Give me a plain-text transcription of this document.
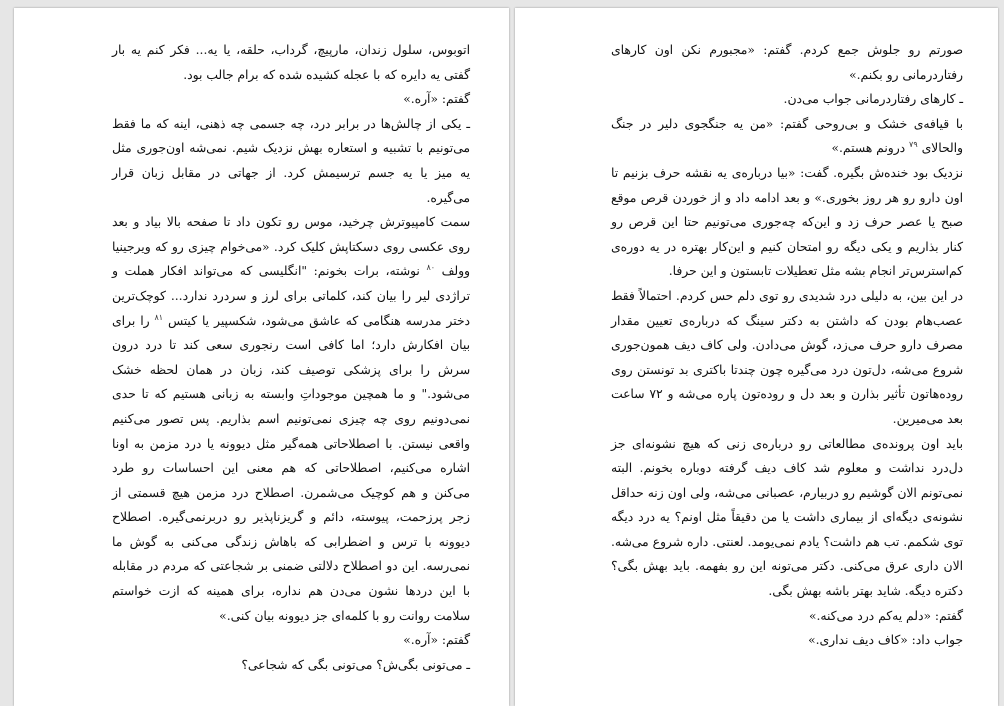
اتوبوس، سلول زندان، مارپیچ، گرداب، حلقه، یا یه... فکر کنم یه بار گفتی یه دایره که با عجله کشیده شده که برام جالب بود.

گفتم: «آره.»

ـ یکی از چالش‌ها در برابر درد، چه جسمی چه ذهنی، اینه که ما فقط می‌تونیم با تشبیه و استعاره بهش نزدیک شیم. نمی‌شه اون‌جوری مثل یه میز یا یه جسم ترسیمش کرد. از جهاتی در مقابل زبان قرار می‌گیره.

سمت کامپیوترش چرخید، موس رو تکون داد تا صفحه بالا بیاد و بعد روی عکسی روی دسکتاپش کلیک کرد. «می‌خوام چیزی رو که ویرجینیا وولف $^{۸۰}$ نوشته، برات بخونم: "انگلیسی که می‌تواند افکار هملت و تراژدی لیر را بیان کند، کلماتی برای لرز و سردرد ندارد... کوچک‌ترین دختر مدرسه هنگامی که عاشق می‌شود، شکسپیر یا کیتس $^{۸۱}$ را برای بیان افکارش دارد؛ اما کافی است رنجوری سعی کند تا درد درون سرش را برای پزشکی توصیف کند، زبان در همان لحظه خشک می‌شود." و ما همچین موجوداتِ وابسته به زبانی هستیم که تا حدی نمی‌دونیم روی چه چیزی نمی‌تونیم اسم بذاریم. پس تصور می‌کنیم واقعی نیستن. با اصطلاحاتی همه‌گیر مثل دیوونه یا درد مزمن به اونا اشاره می‌کنیم، اصطلاحاتی که هم معنی این احساسات رو طرد می‌کنن و هم کوچیک می‌شمرن. اصطلاح درد مزمن هیچ قسمتی از زجر پرزحمت، پیوسته، دائم و گریزناپذیر رو دربرنمی‌گیره. اصطلاح دیوونه با ترس و اضطرابی که باهاش زندگی می‌کنی به گوش ما نمی‌رسه. این دو اصطلاح دلالتی ضمنی بر شجاعتی که مردم در مقابله با این دردها نشون می‌دن هم نداره، برای همینه که ازت خواستم سلامت روانت رو با کلمه‌ای جز دیوونه بیان کنی.»

گفتم: «آره.»

ـ می‌تونی بگی‌ش؟ می‌تونی بگی که شجاعی؟

صورتم رو جلوش جمع کردم. گفتم: «مجبورم نکن اون کارهای رفتاردرمانی رو بکنم.»

ـ کارهای رفتاردرمانی جواب می‌دن.

با قیافه‌ی خشک و بی‌روحی گفتم: «من یه جنگجوی دلیر در جنگ والحالای $^{۷۹}$ درونم هستم.»

نزدیک بود خنده‌ش بگیره. گفت: «بیا درباره‌ی یه نقشه حرف بزنیم تا اون دارو رو هر روز بخوری.» و بعد ادامه داد و از خوردن قرص موقع صبح یا عصر حرف زد و این‌که چه‌جوری می‌تونیم حتا این قرص رو کنار بذاریم و یکی دیگه رو امتحان کنیم و این‌کار بهتره در یه دوره‌ی کم‌استرس‌تر انجام بشه مثل تعطیلات تابستون و این حرفا.

در این بین، به دلیلی درد شدیدی رو توی دلم حس کردم. احتمالاً فقط عصب‌هام بودن که داشتن به دکتر سینگ که درباره‌ی تعیین مقدار مصرف دارو حرف می‌زد، گوش می‌دادن. ولی کاف دیف همون‌جوری شروع می‌شه، دل‌تون درد می‌گیره چون چندتا باکتری بد تونستن روی روده‌هاتون تأثیر بذارن و بعد دل و روده‌تون پاره می‌شه و ۷۲ ساعت بعد می‌میرین.

باید اون پرونده‌ی مطالعاتی رو درباره‌ی زنی که هیچ نشونه‌ای جز دل‌درد نداشت و معلوم شد کاف دیف گرفته دوباره بخونم. البته نمی‌تونم الان گوشیم رو دربیارم، عصبانی می‌شه، ولی اون زنه حداقل نشونه‌ی دیگه‌ای از بیماری داشت یا من دقیقاً مثل اونم؟ یه درد دیگه توی شکمم. تب هم داشت؟ یادم نمی‌یومد. لعنتی. داره شروع می‌شه. الان داری عرق می‌کنی. دکتر می‌تونه این رو بفهمه. باید بهش بگی؟ دکتره دیگه. شاید بهتر باشه بهش بگی.

گفتم: «دلم یه‌کم درد می‌کنه.»

جواب داد: «کاف دیف نداری.»
